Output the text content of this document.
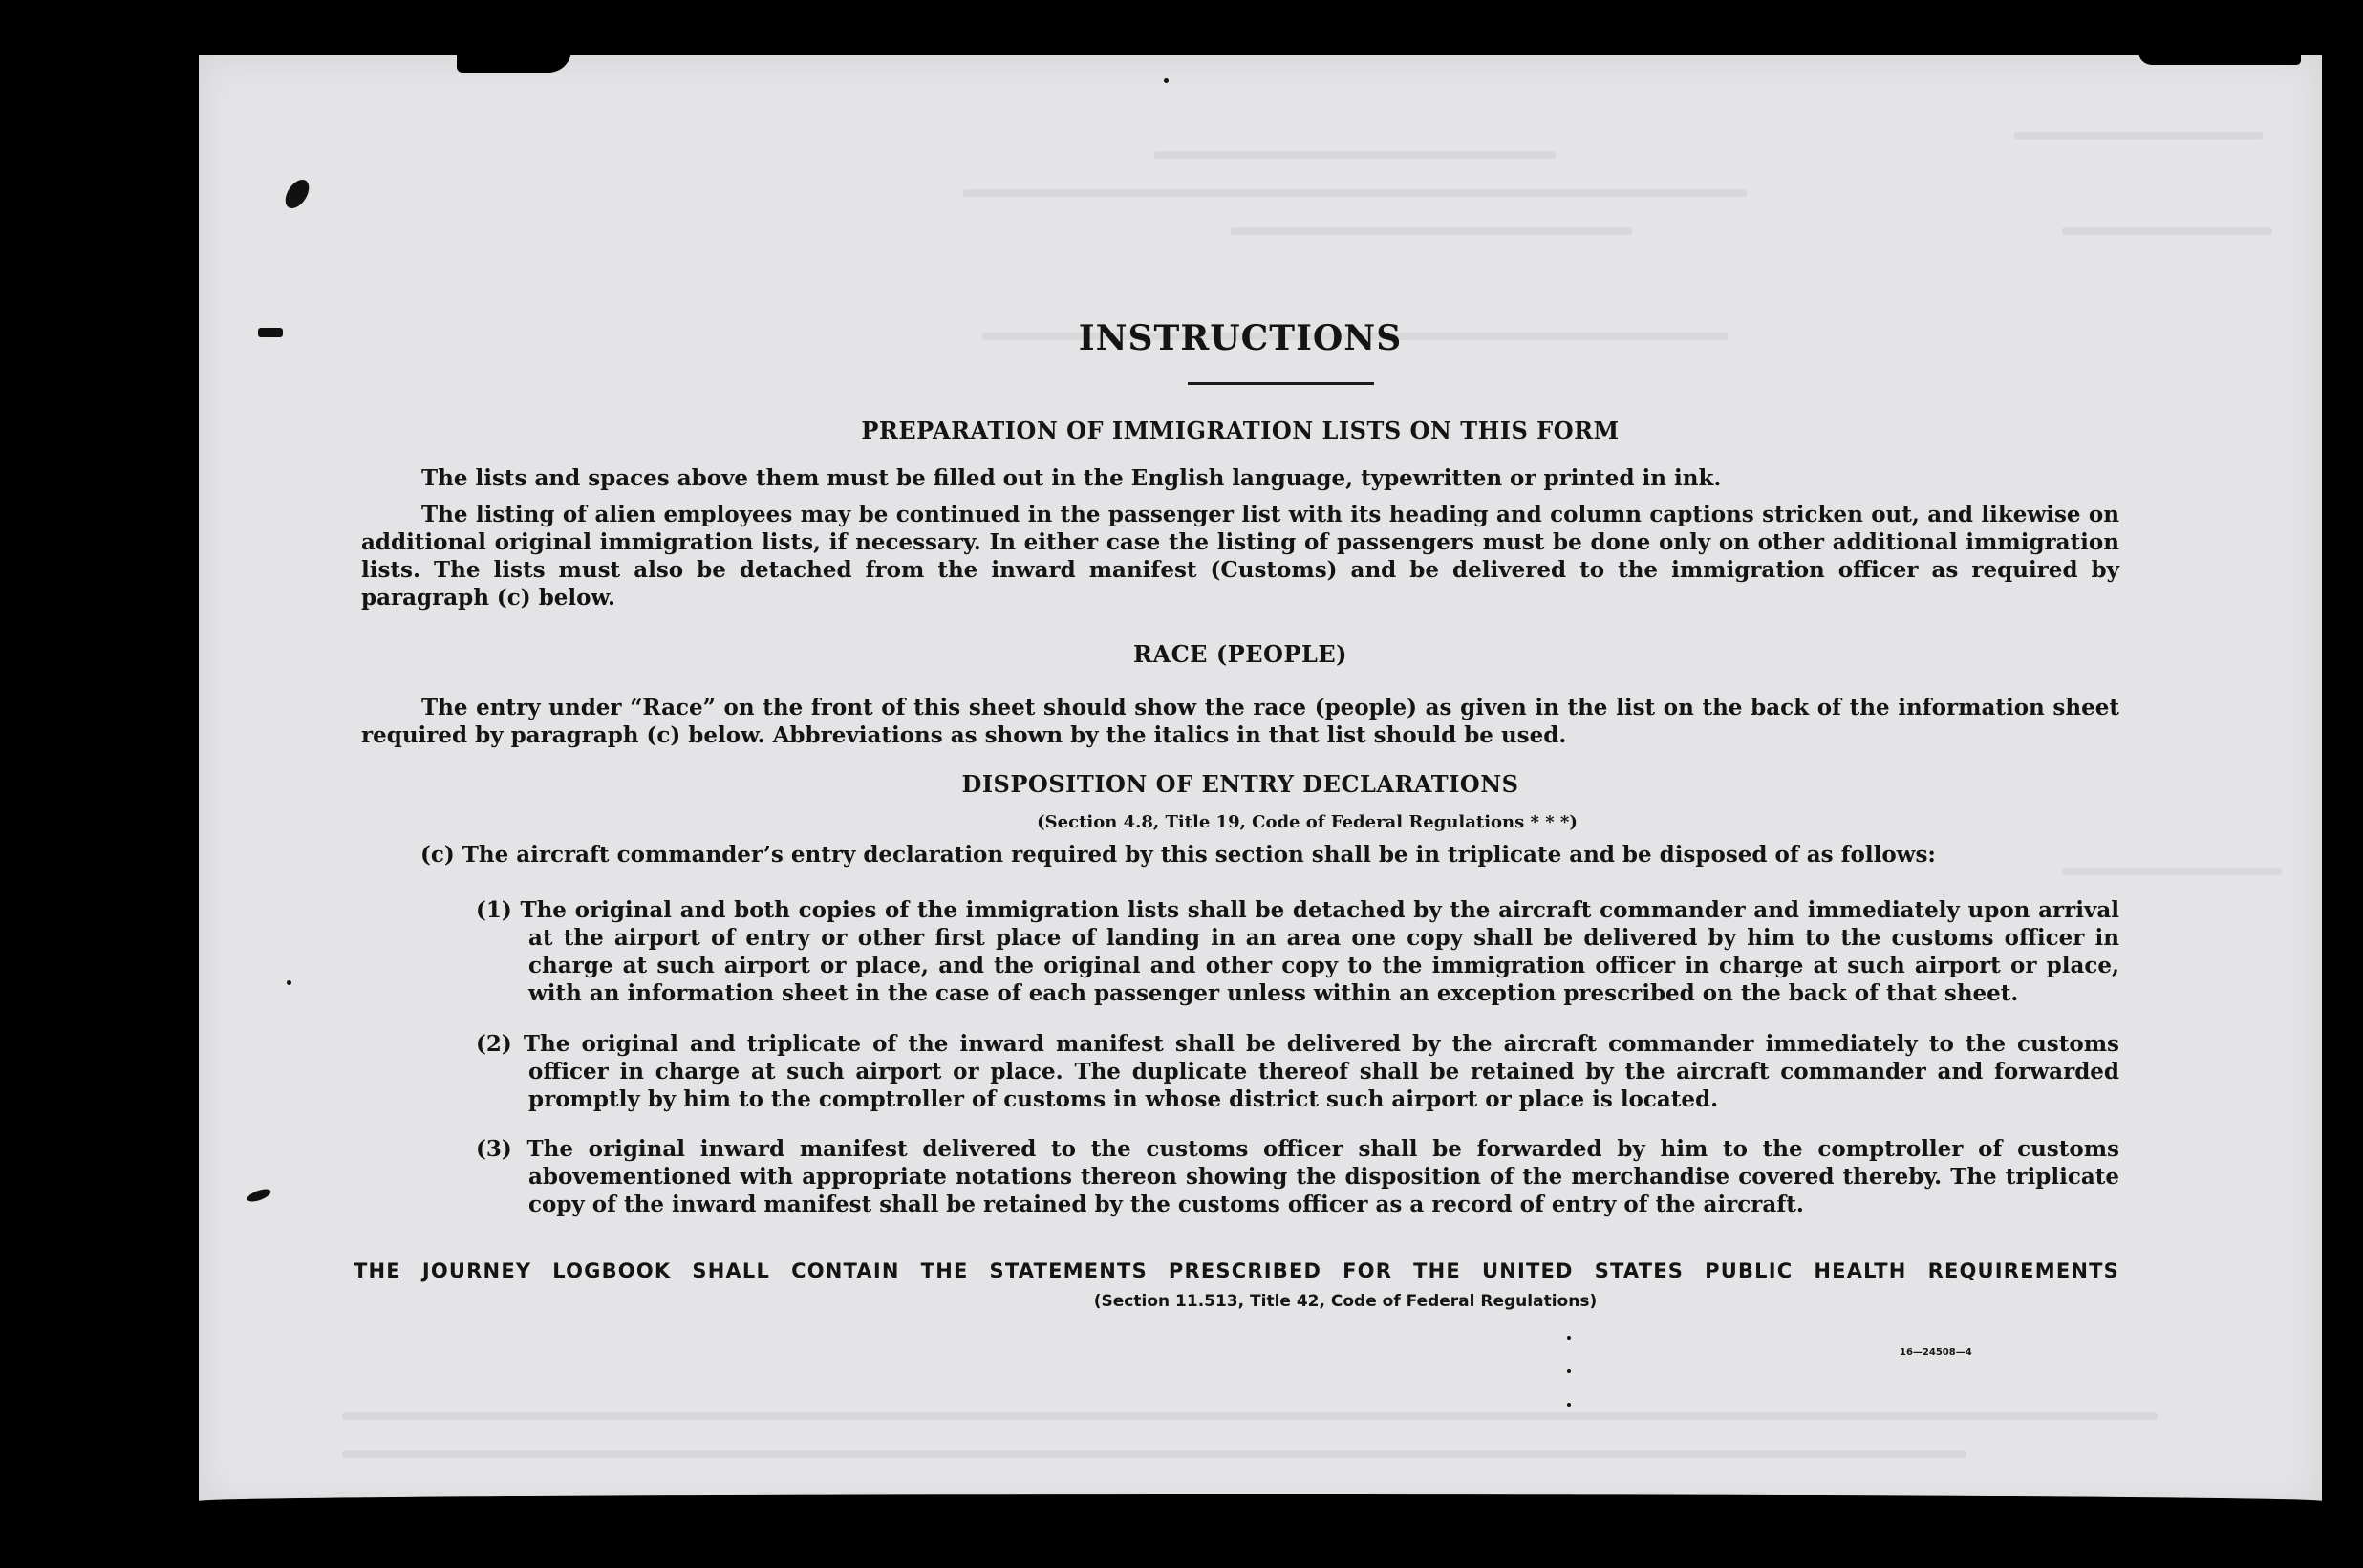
INSTRUCTIONS
PREPARATION OF IMMIGRATION LISTS ON THIS FORM

The lists and spaces above them must be filled out in the English language, typewritten or printed in ink.

The listing of alien employees may be continued in the passenger list with its heading and column captions stricken out, and likewise on additional original immigration lists, if necessary. In either case the listing of passengers must be done only on other additional immigration lists. The lists must also be detached from the inward manifest (Customs) and be delivered to the immigration officer as required by paragraph (c) below.

RACE (PEOPLE)

The entry under “Race” on the front of this sheet should show the race (people) as given in the list on the back of the information sheet required by paragraph (c) below. Abbreviations as shown by the italics in that list should be used.

DISPOSITION OF ENTRY DECLARATIONS
(Section 4.8, Title 19, Code of Federal Regulations * * *)

(c) The aircraft commander’s entry declaration required by this section shall be in triplicate and be disposed of as follows:

(1) The original and both copies of the immigration lists shall be detached by the aircraft commander and immediately upon arrival at the airport of entry or other first place of landing in an area one copy shall be delivered by him to the customs officer in charge at such airport or place, and the original and other copy to the immigration officer in charge at such airport or place, with an information sheet in the case of each passenger unless within an exception prescribed on the back of that sheet.

(2) The original and triplicate of the inward manifest shall be delivered by the aircraft commander immediately to the customs officer in charge at such airport or place. The duplicate thereof shall be retained by the aircraft commander and forwarded promptly by him to the comptroller of customs in whose district such airport or place is located.

(3) The original inward manifest delivered to the customs officer shall be forwarded by him to the comptroller of customs abovementioned with appropriate notations thereon showing the disposition of the merchandise covered thereby. The triplicate copy of the inward manifest shall be retained by the customs officer as a record of entry of the aircraft.

THE JOURNEY LOGBOOK SHALL CONTAIN THE STATEMENTS PRESCRIBED FOR THE UNITED STATES PUBLIC HEALTH REQUIREMENTS
(Section 11.513, Title 42, Code of Federal Regulations)
16—24508—4
